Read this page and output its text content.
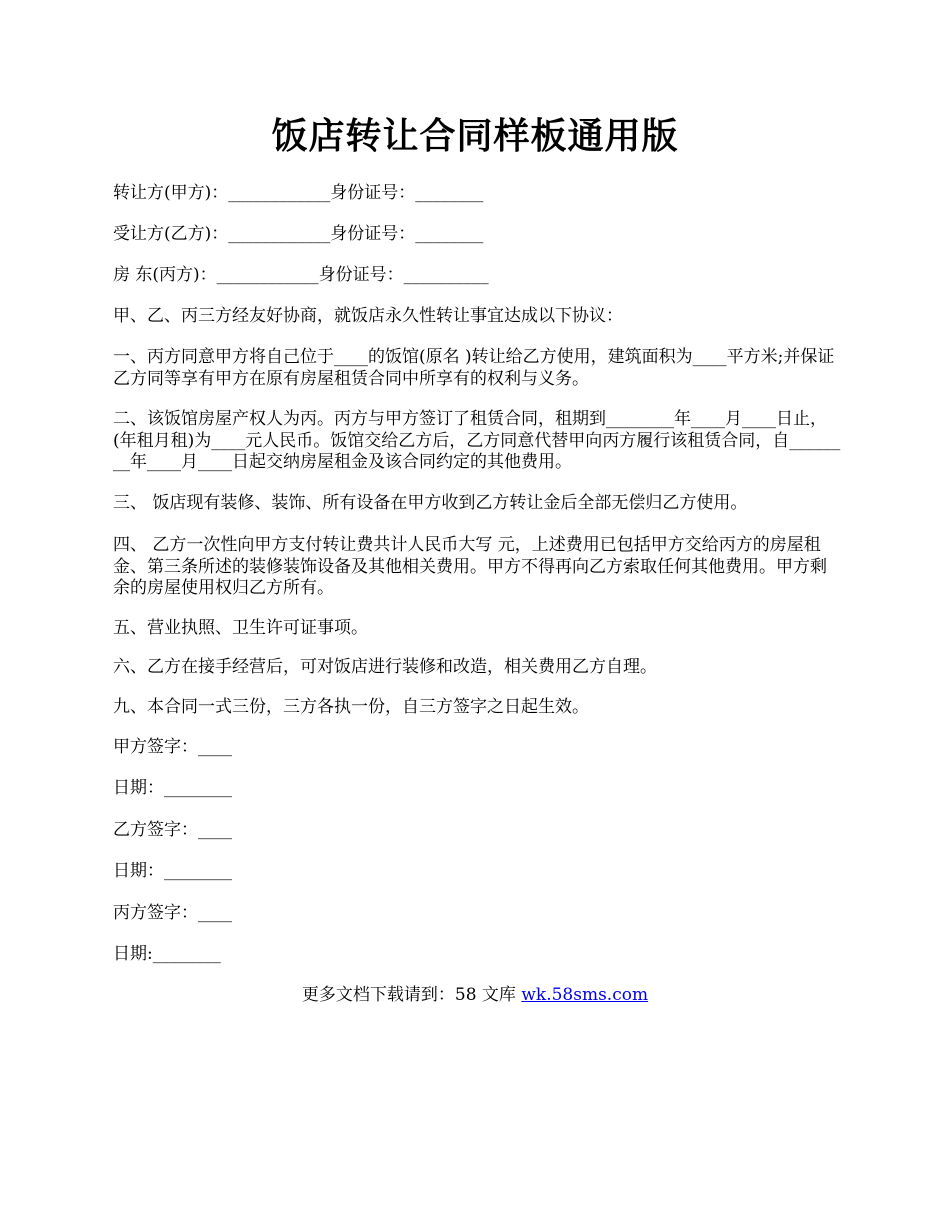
饭店转让合同样板通用版
转让方(甲方)：____________身份证号：________
受让方(乙方)：____________身份证号：________
房 东(丙方)：____________身份证号：__________
甲、乙、丙三方经友好协商，就饭店永久性转让事宜达成以下协议：
一、丙方同意甲方将自己位于____的饭馆(原名 )转让给乙方使用，建筑面积为____平方米;并保证乙方同等享有甲方在原有房屋租赁合同中所享有的权利与义务。
二、该饭馆房屋产权人为丙。丙方与甲方签订了租赁合同，租期到________年____月____日止，(年租月租)为____元人民币。饭馆交给乙方后，乙方同意代替甲向丙方履行该租赁合同，自________年____月____日起交纳房屋租金及该合同约定的其他费用。
三、 饭店现有装修、装饰、所有设备在甲方收到乙方转让金后全部无偿归乙方使用。
四、 乙方一次性向甲方支付转让费共计人民币大写 元，上述费用已包括甲方交给丙方的房屋租金、第三条所述的装修装饰设备及其他相关费用。甲方不得再向乙方索取任何其他费用。甲方剩余的房屋使用权归乙方所有。
五、营业执照、卫生许可证事项。
六、乙方在接手经营后，可对饭店进行装修和改造，相关费用乙方自理。
九、本合同一式三份，三方各执一份，自三方签字之日起生效。
甲方签字：____
日期：________
乙方签字：____
日期：________
丙方签字：____
日期:________
更多文档下载请到：58 文库 wk.58sms.com
